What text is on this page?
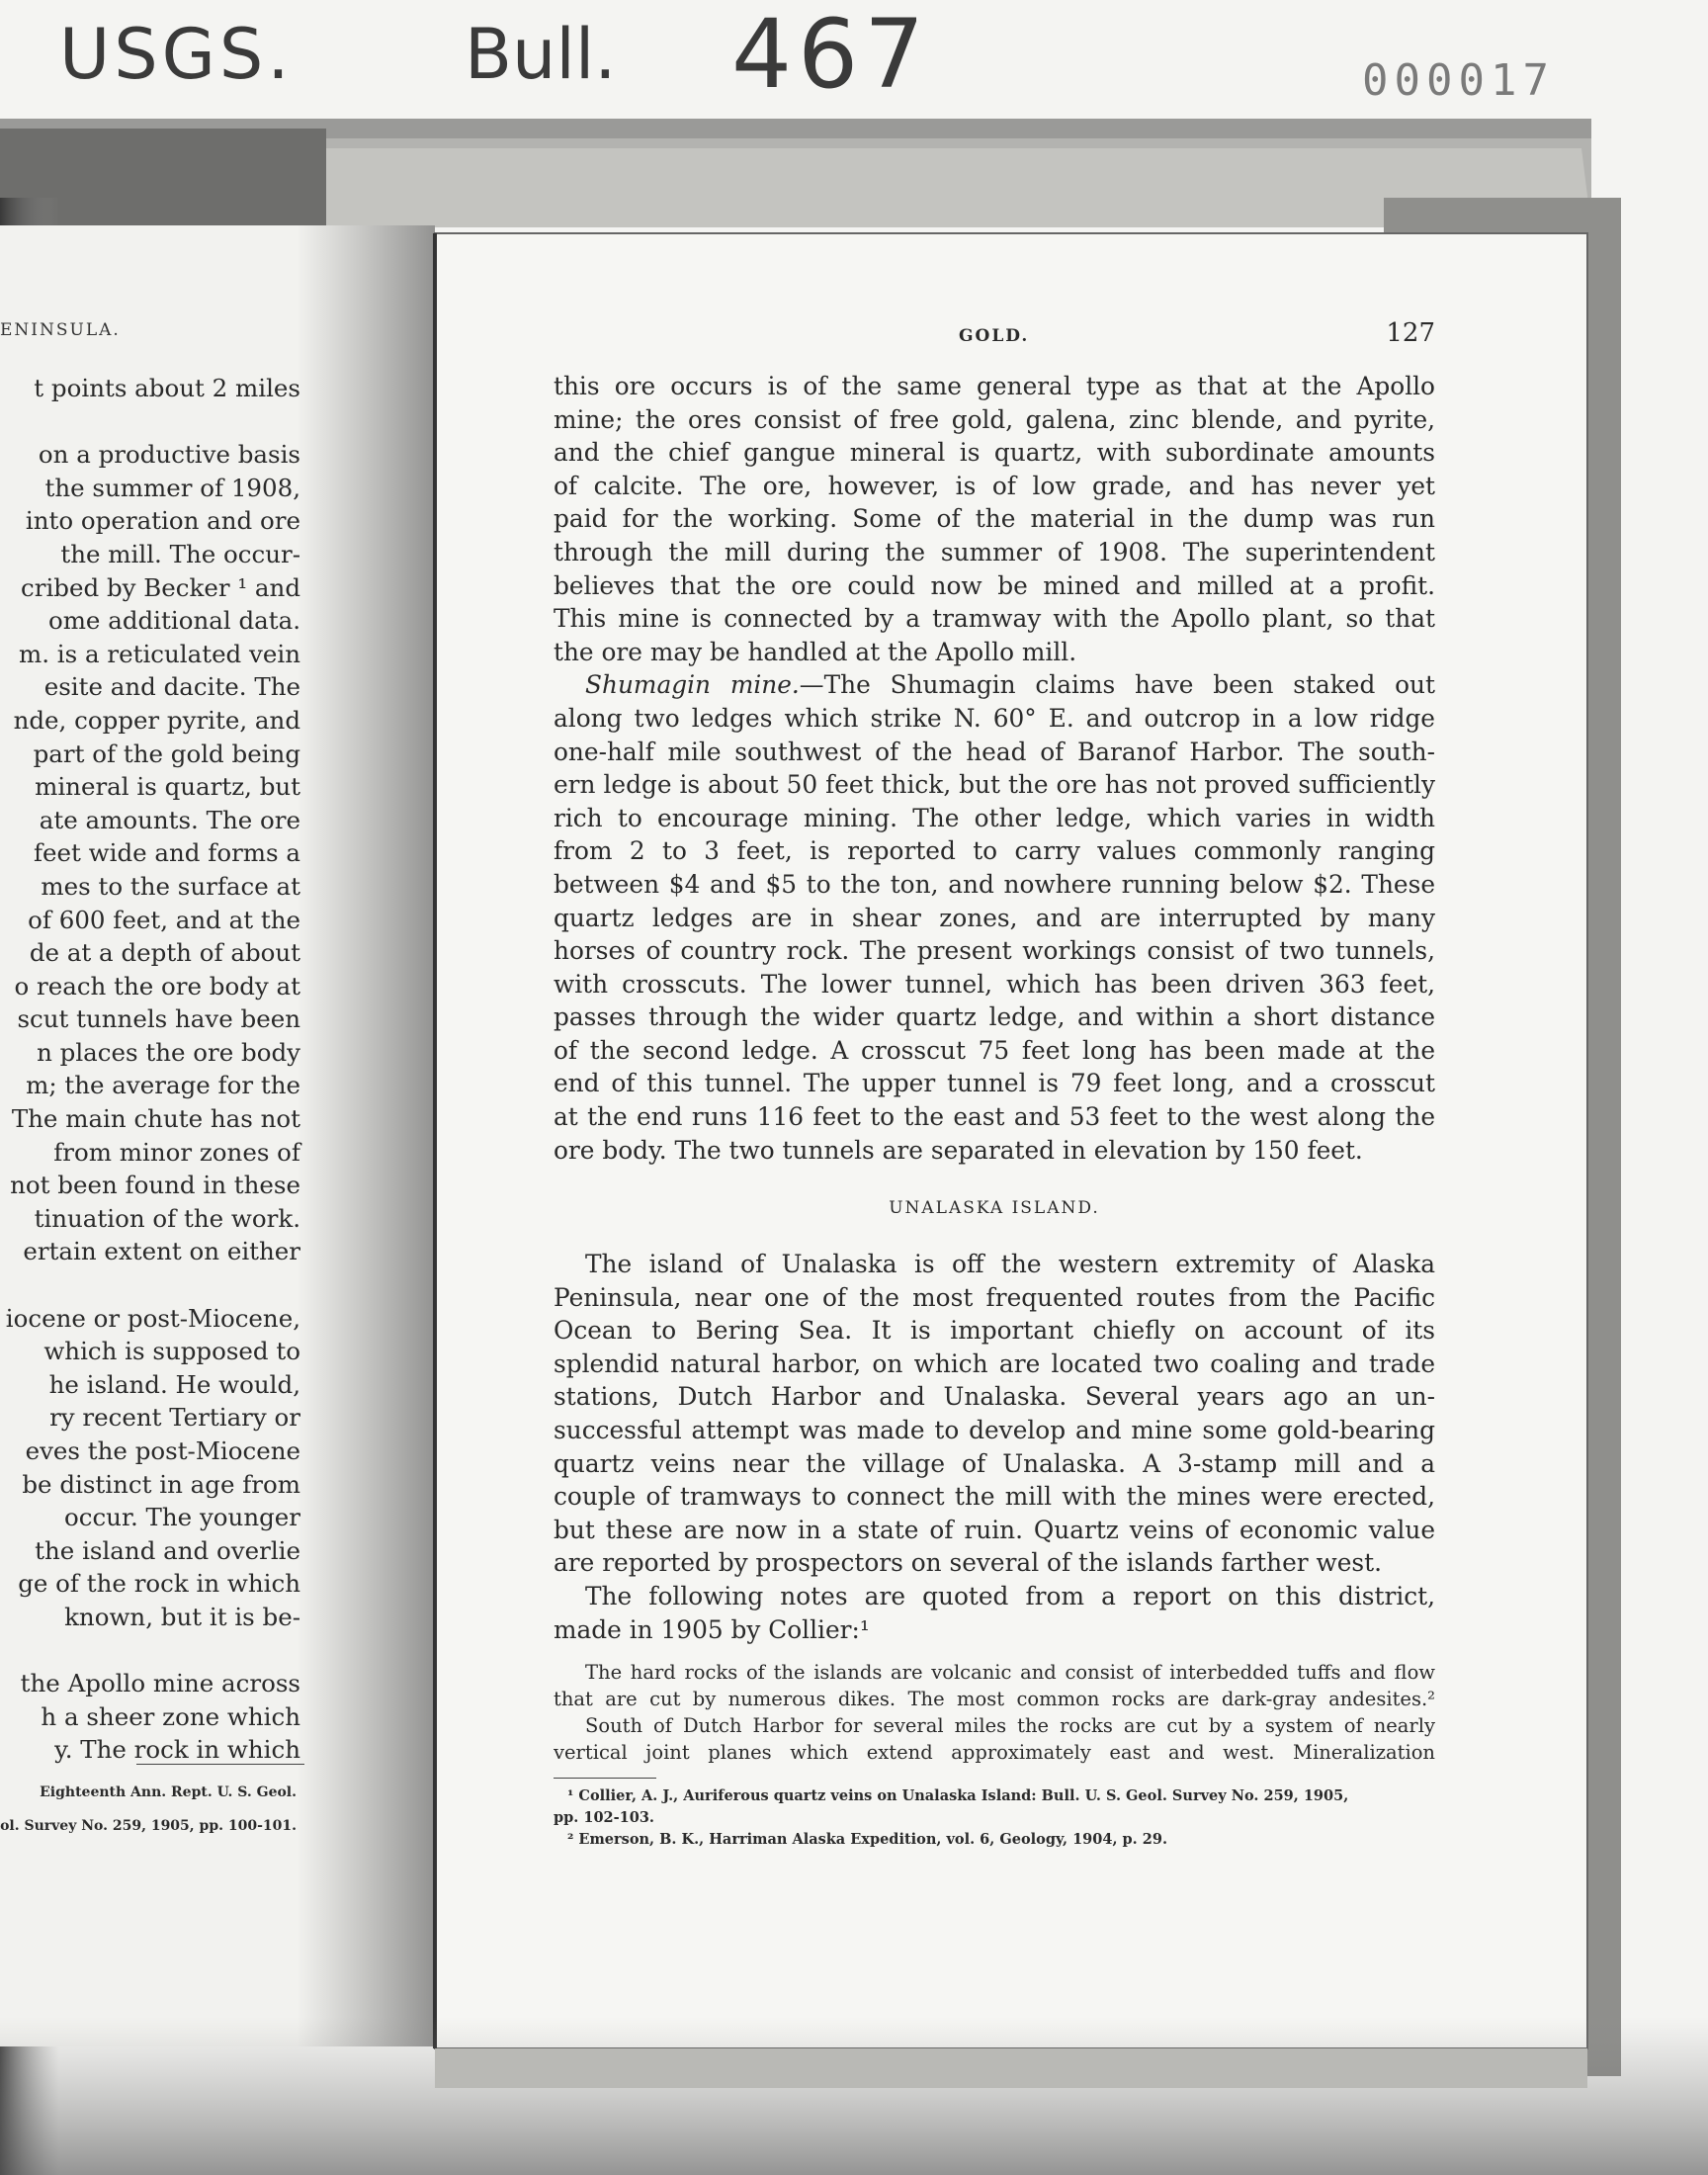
USGS. Bull. 467	000017
ENINSULA.
t points about 2 miles
on a productive basis
the summer of 1908,
into operation and ore
the mill. The occur-
cribed by Becker ¹ and
ome additional data.
m. is a reticulated vein
esite and dacite. The
nde, copper pyrite, and
part of the gold being
mineral is quartz, but
ate amounts. The ore
feet wide and forms a
mes to the surface at
of 600 feet, and at the
de at a depth of about
o reach the ore body at
scut tunnels have been
n places the ore body
m; the average for the
The main chute has not
from minor zones of
not been found in these
tinuation of the work.
ertain extent on either
iocene or post-Miocene,
which is supposed to
he island. He would,
ry recent Tertiary or
eves the post-Miocene
be distinct in age from
occur. The younger
the island and overlie
ge of the rock in which
known, but it is be-
the Apollo mine across
h a sheer zone which
y. The rock in which
Eighteenth Ann. Rept. U. S. Geol.
ol. Survey No. 259, 1905, pp. 100-101.
GOLD.	127
this ore occurs is of the same general type as that at the Apollo
mine; the ores consist of free gold, galena, zinc blende, and pyrite,
and the chief gangue mineral is quartz, with subordinate amounts
of calcite. The ore, however, is of low grade, and has never yet
paid for the working. Some of the material in the dump was run
through the mill during the summer of 1908. The superintendent
believes that the ore could now be mined and milled at a profit.
This mine is connected by a tramway with the Apollo plant, so that
the ore may be handled at the Apollo mill.
Shumagin mine.—The Shumagin claims have been staked out
along two ledges which strike N. 60° E. and outcrop in a low ridge
one-half mile southwest of the head of Baranof Harbor. The south-
ern ledge is about 50 feet thick, but the ore has not proved sufficiently
rich to encourage mining. The other ledge, which varies in width
from 2 to 3 feet, is reported to carry values commonly ranging
between $4 and $5 to the ton, and nowhere running below $2. These
quartz ledges are in shear zones, and are interrupted by many
horses of country rock. The present workings consist of two tunnels,
with crosscuts. The lower tunnel, which has been driven 363 feet,
passes through the wider quartz ledge, and within a short distance
of the second ledge. A crosscut 75 feet long has been made at the
end of this tunnel. The upper tunnel is 79 feet long, and a crosscut
at the end runs 116 feet to the east and 53 feet to the west along the
ore body. The two tunnels are separated in elevation by 150 feet.
UNALASKA ISLAND.
The island of Unalaska is off the western extremity of Alaska
Peninsula, near one of the most frequented routes from the Pacific
Ocean to Bering Sea. It is important chiefly on account of its
splendid natural harbor, on which are located two coaling and trade
stations, Dutch Harbor and Unalaska. Several years ago an un-
successful attempt was made to develop and mine some gold-bearing
quartz veins near the village of Unalaska. A 3-stamp mill and a
couple of tramways to connect the mill with the mines were erected,
but these are now in a state of ruin. Quartz veins of economic value
are reported by prospectors on several of the islands farther west.
The following notes are quoted from a report on this district,
made in 1905 by Collier:¹
The hard rocks of the islands are volcanic and consist of interbedded tuffs and flow
that are cut by numerous dikes. The most common rocks are dark-gray andesites.²
South of Dutch Harbor for several miles the rocks are cut by a system of nearly
vertical joint planes which extend approximately east and west. Mineralization
¹ Collier, A. J., Auriferous quartz veins on Unalaska Island: Bull. U. S. Geol. Survey No. 259, 1905,
pp. 102-103.
² Emerson, B. K., Harriman Alaska Expedition, vol. 6, Geology, 1904, p. 29.
